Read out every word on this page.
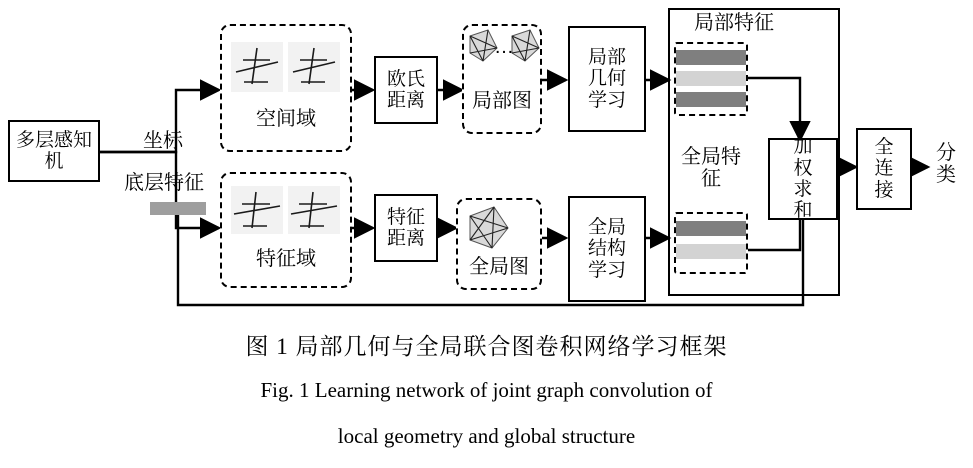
多层感知机
坐标
底层特征
空间域
特征域
欧氏距离
特征距离
…
局部图
全局图
局部几何学习
全局结构学习
局部特征
全局特征
加权求和
全连接
分类
图 1 局部几何与全局联合图卷积网络学习框架
Fig. 1 Learning network of joint graph convolution of
local geometry and global structure
